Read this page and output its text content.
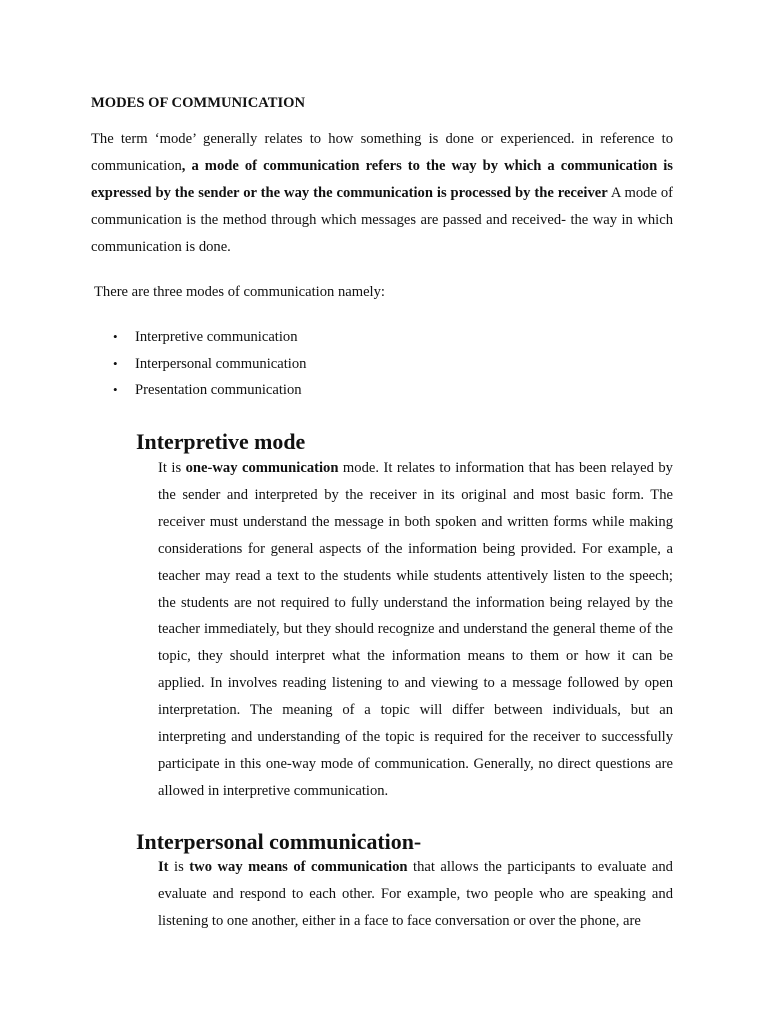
MODES OF COMMUNICATION

The term ‘mode’ generally relates to how something is done or experienced. in reference to communication, a mode of communication refers to the way by which a communication is expressed by the sender or the way the communication is processed by the receiver A mode of communication is the method through which messages are passed and received- the way in which communication is done.

There are three modes of communication namely:

• Interpretive communication
• Interpersonal communication
• Presentation communication
Interpretive mode

It is one-way communication mode. It relates to information that has been relayed by the sender and interpreted by the receiver in its original and most basic form. The receiver must understand the message in both spoken and written forms while making considerations for general aspects of the information being provided. For example, a teacher may read a text to the students while students attentively listen to the speech; the students are not required to fully understand the information being relayed by the teacher immediately, but they should recognize and understand the general theme of the topic, they should interpret what the information means to them or how it can be applied. In involves reading listening to and viewing to a message followed by open interpretation. The meaning of a topic will differ between individuals, but an interpreting and understanding of the topic is required for the receiver to successfully participate in this one-way mode of communication. Generally, no direct questions are allowed in interpretive communication.

Interpersonal communication-

It is two way means of communication that allows the participants to evaluate and evaluate and respond to each other. For example, two people who are speaking and listening to one another, either in a face to face conversation or over the phone, are
